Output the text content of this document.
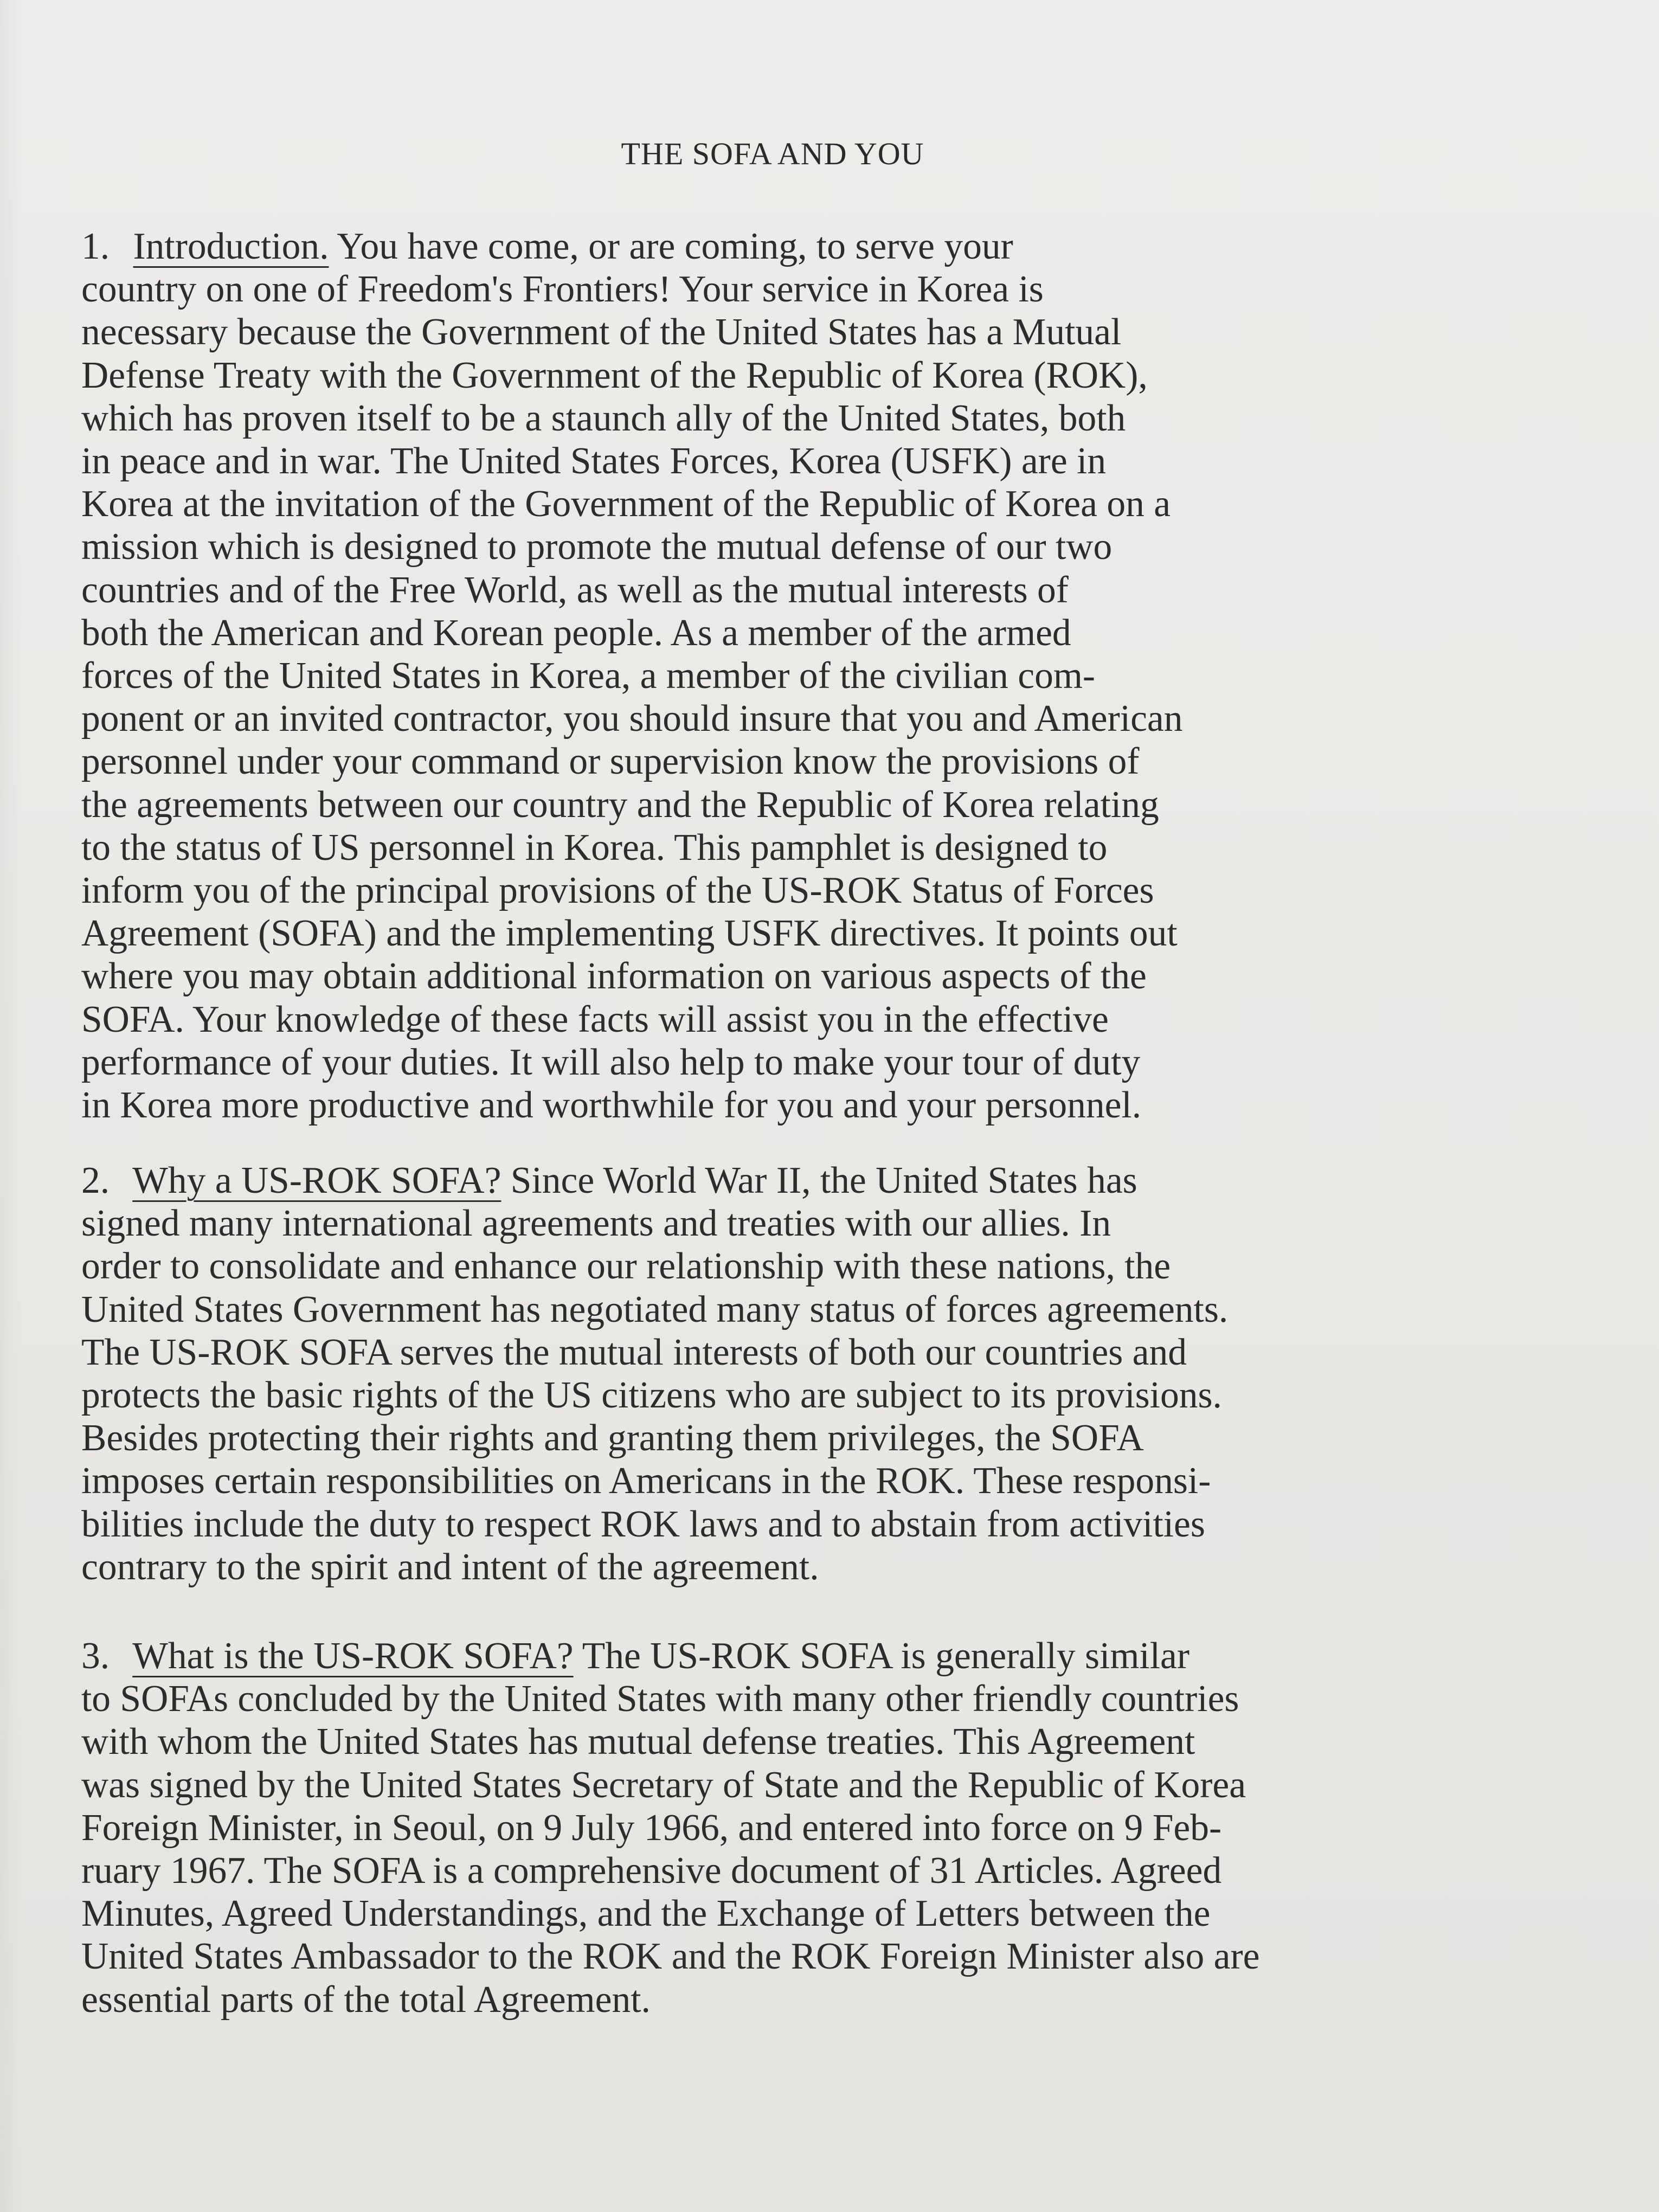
THE SOFA AND YOU
1. Introduction. You have come, or are coming, to serve your
country on one of Freedom's Frontiers! Your service in Korea is
necessary because the Government of the United States has a Mutual
Defense Treaty with the Government of the Republic of Korea (ROK),
which has proven itself to be a staunch ally of the United States, both
in peace and in war. The United States Forces, Korea (USFK) are in
Korea at the invitation of the Government of the Republic of Korea on a
mission which is designed to promote the mutual defense of our two
countries and of the Free World, as well as the mutual interests of
both the American and Korean people. As a member of the armed
forces of the United States in Korea, a member of the civilian com-
ponent or an invited contractor, you should insure that you and American
personnel under your command or supervision know the provisions of
the agreements between our country and the Republic of Korea relating
to the status of US personnel in Korea. This pamphlet is designed to
inform you of the principal provisions of the US-ROK Status of Forces
Agreement (SOFA) and the implementing USFK directives. It points out
where you may obtain additional information on various aspects of the
SOFA. Your knowledge of these facts will assist you in the effective
performance of your duties. It will also help to make your tour of duty
in Korea more productive and worthwhile for you and your personnel.
2. Why a US-ROK SOFA? Since World War II, the United States has
signed many international agreements and treaties with our allies. In
order to consolidate and enhance our relationship with these nations, the
United States Government has negotiated many status of forces agreements.
The US-ROK SOFA serves the mutual interests of both our countries and
protects the basic rights of the US citizens who are subject to its provisions.
Besides protecting their rights and granting them privileges, the SOFA
imposes certain responsibilities on Americans in the ROK. These responsi-
bilities include the duty to respect ROK laws and to abstain from activities
contrary to the spirit and intent of the agreement.
3. What is the US-ROK SOFA? The US-ROK SOFA is generally similar
to SOFAs concluded by the United States with many other friendly countries
with whom the United States has mutual defense treaties. This Agreement
was signed by the United States Secretary of State and the Republic of Korea
Foreign Minister, in Seoul, on 9 July 1966, and entered into force on 9 Feb-
ruary 1967. The SOFA is a comprehensive document of 31 Articles. Agreed
Minutes, Agreed Understandings, and the Exchange of Letters between the
United States Ambassador to the ROK and the ROK Foreign Minister also are
essential parts of the total Agreement.
